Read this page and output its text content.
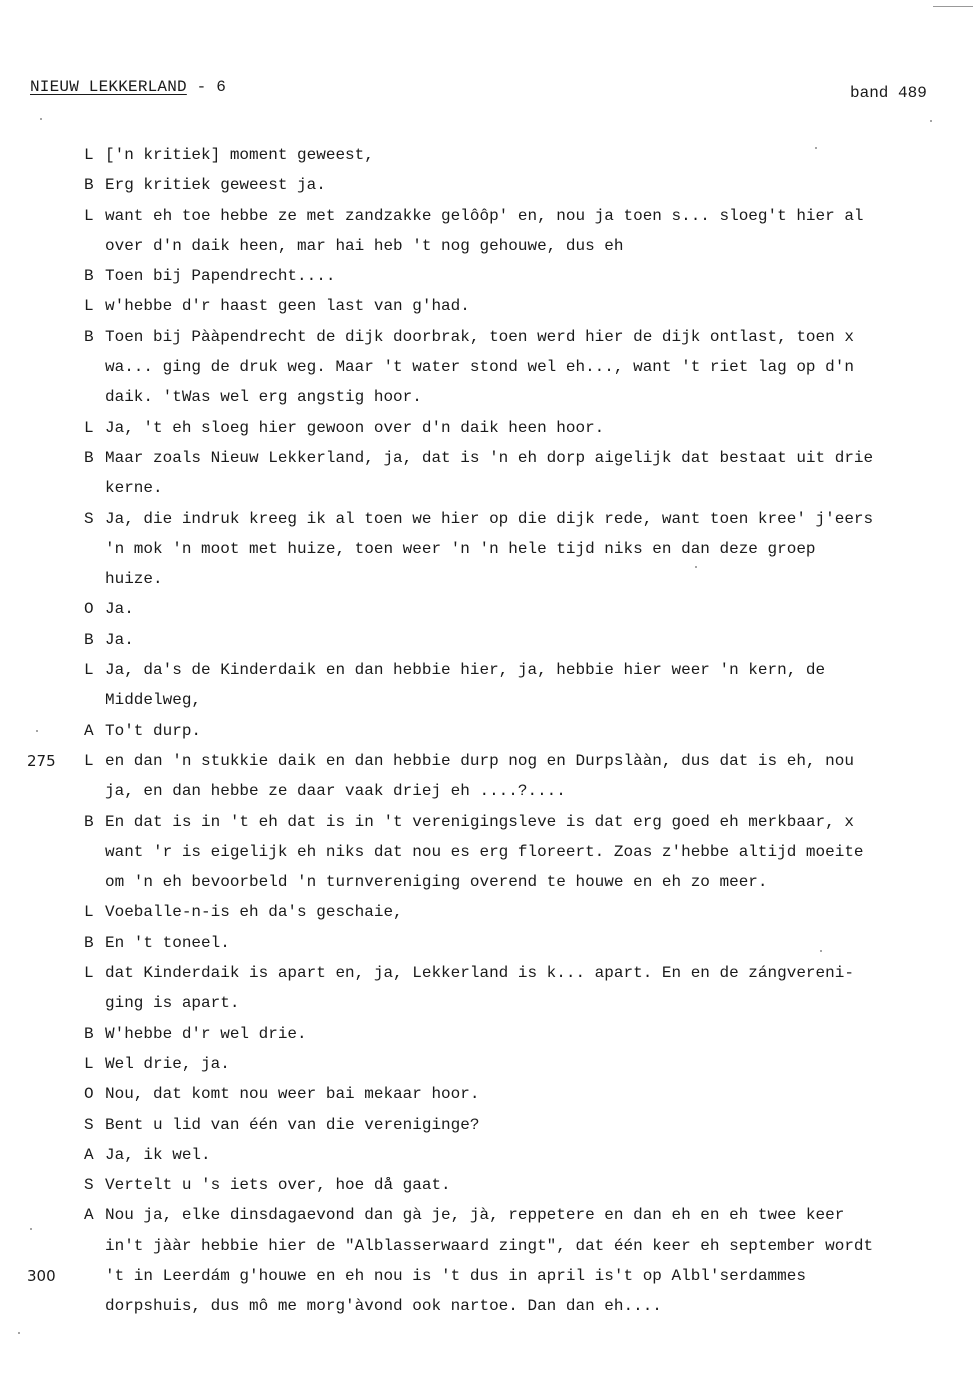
NIEUW LEKKERLAND - 6	band 489
L ['n kritiek] moment geweest,
B Erg kritiek geweest ja.
L want eh toe hebbe ze met zandzakke gelôôp' en, nou ja toen s... sloeg't hier al
over d'n daik heen, mar hai heb 't nog gehouwe, dus eh
B Toen bij Papendrecht....
L w'hebbe d'r haast geen last van g'had.
B Toen bij Pààpendrecht de dijk doorbrak, toen werd hier de dijk ontlast, toen x
wa... ging de druk weg. Maar 't water stond wel eh..., want 't riet lag op d'n
daik. 'tWas wel erg angstig hoor.
L Ja, 't eh sloeg hier gewoon over d'n daik heen hoor.
B Maar zoals Nieuw Lekkerland, ja, dat is 'n eh dorp aigelijk dat bestaat uit drie
kerne.
S Ja, die indruk kreeg ik al toen we hier op die dijk rede, want toen kree' j'eers
'n mok 'n moot met huize, toen weer 'n 'n hele tijd niks en dan deze groep
huize.
O Ja.
B Ja.
L Ja, da's de Kinderdaik en dan hebbie hier, ja, hebbie hier weer 'n kern, de
Middelweg,
A To't durp.
275 L en dan 'n stukkie daik en dan hebbie durp nog en Durpslààn, dus dat is eh, nou
ja, en dan hebbe ze daar vaak driej eh ....?....
B En dat is in 't eh dat is in 't verenigingsleve is dat erg goed eh merkbaar, x
want 'r is eigelijk eh niks dat nou es erg floreert. Zoas z'hebbe altijd moeite
om 'n eh bevoorbeld 'n turnvereniging overend te houwe en eh zo meer.
L Voeballe-n-is eh da's geschaie,
B En 't toneel.
L dat Kinderdaik is apart en, ja, Lekkerland is k... apart. En en de zángvereni-
ging is apart.
B W'hebbe d'r wel drie.
L Wel drie, ja.
O Nou, dat komt nou weer bai mekaar hoor.
S Bent u lid van één van die vereniginge?
A Ja, ik wel.
S Vertelt u 's iets over, hoe då gaat.
A Nou ja, elke dinsdagaevond dan gà je, jà, reppetere en dan eh en eh twee keer
in't jààr hebbie hier de "Alblasserwaard zingt", dat één keer eh september wordt
300	't in Leerdám g'houwe en eh nou is 't dus in april is't op Albl'serdammes
dorpshuis, dus mô me morg'àvond ook nartoe. Dan dan eh....
